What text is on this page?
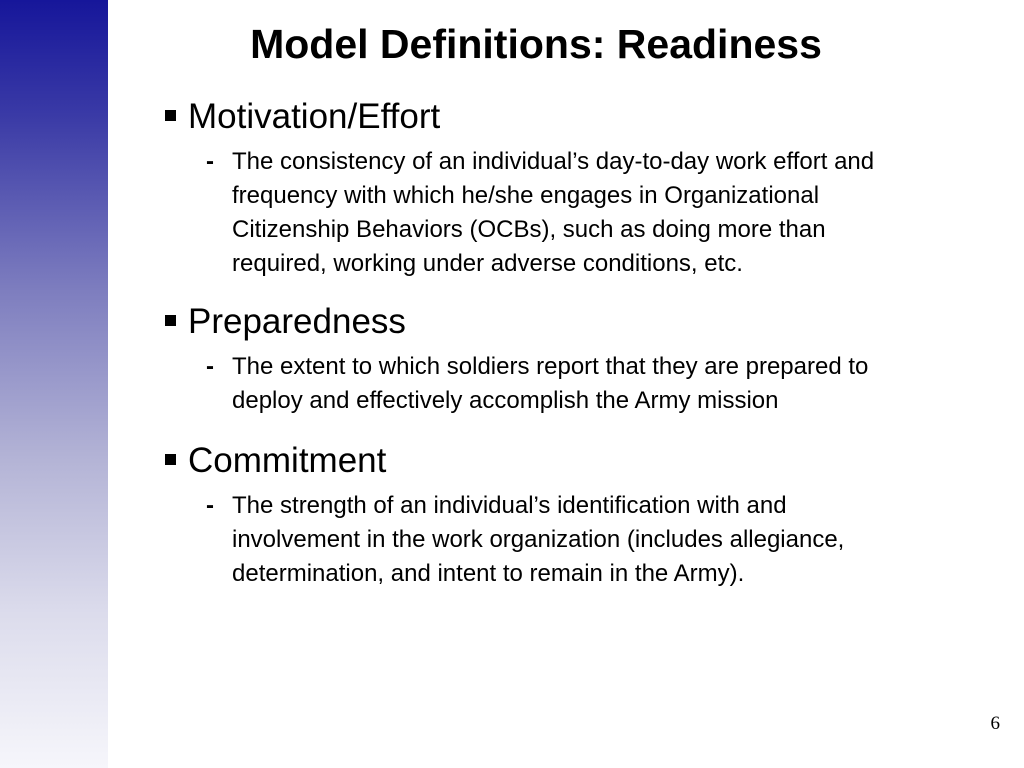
Model Definitions: Readiness
Motivation/Effort
- The consistency of an individual’s day-to-day work effort and frequency with which he/she engages in Organizational Citizenship Behaviors (OCBs), such as doing more than required, working under adverse conditions, etc.
Preparedness
- The extent to which soldiers report that they are prepared to deploy and effectively accomplish the Army mission
Commitment
- The strength of an individual’s identification with and involvement in the work organization (includes allegiance, determination, and intent to remain in the Army).
6
